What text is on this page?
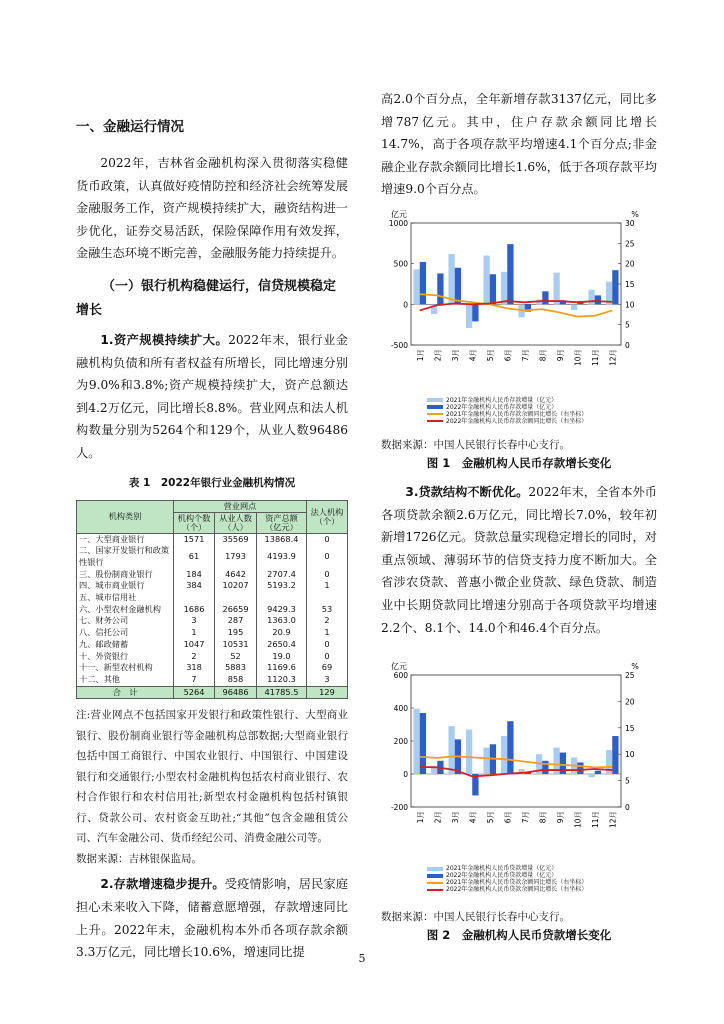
一、金融运行情况

2022年，吉林省金融机构深入贯彻落实稳健货币政策，认真做好疫情防控和经济社会统筹发展金融服务工作，资产规模持续扩大，融资结构进一步优化，证券交易活跃，保险保障作用有效发挥，金融生态环境不断完善，金融服务能力持续提升。

（一）银行机构稳健运行，信贷规模稳定增长

1.资产规模持续扩大。2022年末，银行业金融机构负债和所有者权益有所增长，同比增速分别为9.0%和3.8%;资产规模持续扩大，资产总额达到4.2万亿元，同比增长8.8%。营业网点和法人机构数量分别为5264个和129个，从业人数96486人。

表 1　2022年银行业金融机构情况
机构类别	营业网点			法人机构（个）
	机构个数（个）	从业人数（人）	资产总额（亿元）	
一、大型商业银行	1571	35569	13868.4	0
二、国家开发银行和政策性银行	61	1793	4193.9	0
三、股份制商业银行	184	4642	2707.4	0
四、城市商业银行	384	10207	5193.2	1
五、城市信用社				
六、小型农村金融机构	1686	26659	9429.3	53
七、财务公司	3	287	1363.0	2
八、信托公司	1	195	20.9	1
九、邮政储蓄	1047	10531	2650.4	0
十、外资银行	2	52	19.0	0
十一、新型农村机构	318	5883	1169.6	69
十二、其他	7	858	1120.3	3
合　计	5264	96486	41785.5	129

注:营业网点不包括国家开发银行和政策性银行、大型商业银行、股份制商业银行等金融机构总部数据;大型商业银行包括中国工商银行、中国农业银行、中国银行、中国建设银行和交通银行;小型农村金融机构包括农村商业银行、农村合作银行和农村信用社;新型农村金融机构包括村镇银行、贷款公司、农村资金互助社;“其他”包含金融租赁公司、汽车金融公司、货币经纪公司、消费金融公司等。

数据来源：吉林银保监局。

2.存款增速稳步提升。受疫情影响，居民家庭担心未来收入下降，储蓄意愿增强，存款增速同比上升。2022年末，金融机构本外币各项存款余额3.3万亿元，同比增长10.6%，增速同比提

高2.0个百分点，全年新增存款3137亿元，同比多增787亿元。其中，住户存款余额同比增长14.7%，高于各项存款平均增速4.1个百分点;非金融企业存款余额同比增长1.6%，低于各项存款平均增速9.0个百分点。

亿元	%
-500
0
500
1000
0
5
10
15
20
25
30
1月 2月 3月 4月 5月 6月 7月 8月 9月 10月 11月 12月
2021年金融机构人民币存款增量（亿元）
2022年金融机构人民币存款增量（亿元）
2021年金融机构人民币存款余额同比增长（右坐标）
2022年金融机构人民币存款余额同比增长（右坐标）

数据来源：中国人民银行长春中心支行。

图 1　金融机构人民币存款增长变化

3.贷款结构不断优化。2022年末，全省本外币各项贷款余额2.6万亿元，同比增长7.0%，较年初新增1726亿元。贷款总量实现稳定增长的同时，对重点领域、薄弱环节的信贷支持力度不断加大。全省涉农贷款、普惠小微企业贷款、绿色贷款、制造业中长期贷款同比增速分别高于各项贷款平均增速2.2个、8.1个、14.0个和46.4个百分点。

亿元	%
-200
0
200
400
600
0
5
10
15
20
25
1月 2月 3月 4月 5月 6月 7月 8月 9月 10月 11月 12月
2021年金融机构人民币贷款增量（亿元）
2022年金融机构人民币贷款增量（亿元）
2021年金融机构人民币贷款余额同比增长（右坐标）
2022年金融机构人民币贷款余额同比增长（右坐标）

数据来源：中国人民银行长春中心支行。

图 2　金融机构人民币贷款增长变化
5
